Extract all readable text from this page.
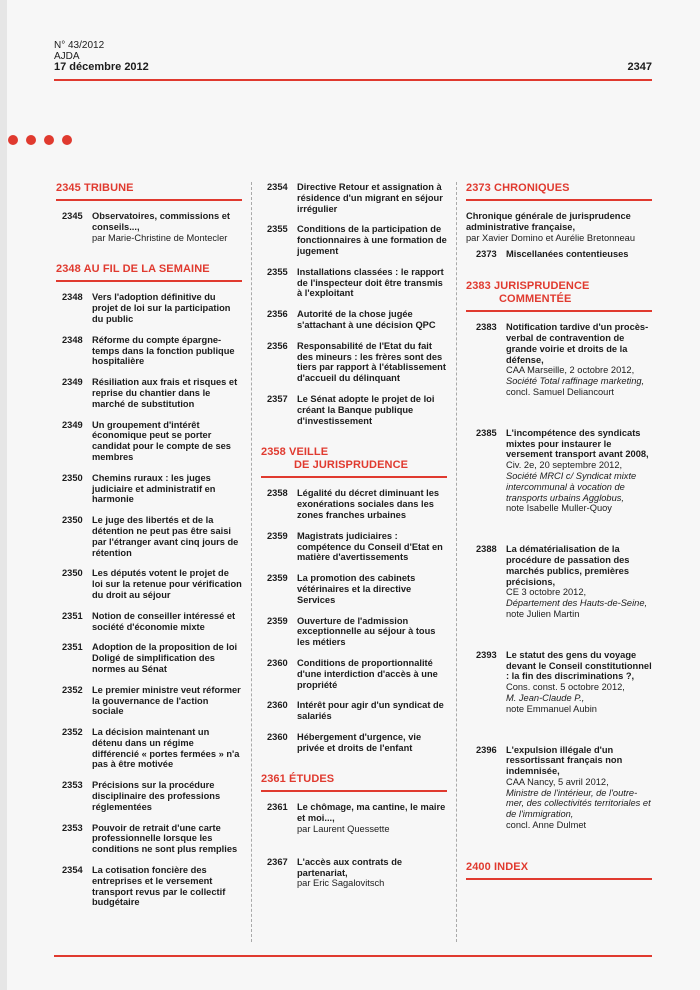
N° 43/2012
AJDA
17 décembre 2012	2347
2345 TRIBUNE
2345	Observatoires, commissions et conseils...,
par Marie-Christine de Montecler
2348 AU FIL DE LA SEMAINE
2348	Vers l'adoption définitive du projet de loi sur la participation du public
2348	Réforme du compte épargne-temps dans la fonction publique hospitalière
2349	Résiliation aux frais et risques et reprise du chantier dans le marché de substitution
2349	Un groupement d'intérêt économique peut se porter candidat pour le compte de ses membres
2350	Chemins ruraux : les juges judiciaire et administratif en harmonie
2350	Le juge des libertés et de la détention ne peut pas être saisi par l'étranger avant cinq jours de rétention
2350	Les députés votent le projet de loi sur la retenue pour vérification du droit au séjour
2351	Notion de conseiller intéressé et société d'économie mixte
2351	Adoption de la proposition de loi Doligé de simplification des normes au Sénat
2352	Le premier ministre veut réformer la gouvernance de l'action sociale
2352	La décision maintenant un détenu dans un régime différencié « portes fermées » n'a pas à être motivée
2353	Précisions sur la procédure disciplinaire des professions réglementées
2353	Pouvoir de retrait d'une carte professionnelle lorsque les conditions ne sont plus remplies
2354	La cotisation foncière des entreprises et le versement transport revus par le collectif budgétaire
2354	Directive Retour et assignation à résidence d'un migrant en séjour irrégulier
2355	Conditions de la participation de fonctionnaires à une formation de jugement
2355	Installations classées : le rapport de l'inspecteur doit être transmis à l'exploitant
2356	Autorité de la chose jugée s'attachant à une décision QPC
2356	Responsabilité de l'Etat du fait des mineurs : les frères sont des tiers par rapport à l'établissement d'accueil du délinquant
2357	Le Sénat adopte le projet de loi créant la Banque publique d'investissement
2358 VEILLE
DE JURISPRUDENCE
2358	Légalité du décret diminuant les exonérations sociales dans les zones franches urbaines
2359	Magistrats judiciaires : compétence du Conseil d'Etat en matière d'avertissements
2359	La promotion des cabinets vétérinaires et la directive Services
2359	Ouverture de l'admission exceptionnelle au séjour à tous les métiers
2360	Conditions de proportionnalité d'une interdiction d'accès à une propriété
2360	Intérêt pour agir d'un syndicat de salariés
2360	Hébergement d'urgence, vie privée et droits de l'enfant
2361 ÉTUDES
2361	Le chômage, ma cantine, le maire et moi...,
par Laurent Quessette
2367	L'accès aux contrats de partenariat,
par Eric Sagalovitsch
2373 CHRONIQUES
Chronique générale de jurisprudence administrative française,
par Xavier Domino et Aurélie Bretonneau
2373	Miscellanées contentieuses
2383 JURISPRUDENCE
COMMENTÉE
2383	Notification tardive d'un procès-verbal de contravention de grande voirie et droits de la défense,
CAA Marseille, 2 octobre 2012,
Société Total raffinage marketing,
concl. Samuel Deliancourt
2385	L'incompétence des syndicats mixtes pour instaurer le versement transport avant 2008,
Civ. 2e, 20 septembre 2012,
Société MRCI c/ Syndicat mixte intercommunal à vocation de transports urbains Agglobus,
note Isabelle Muller-Quoy
2388	La dématérialisation de la procédure de passation des marchés publics, premières précisions,
CE 3 octobre 2012,
Département des Hauts-de-Seine,
note Julien Martin
2393	Le statut des gens du voyage devant le Conseil constitutionnel : la fin des discriminations ?,
Cons. const. 5 octobre 2012,
M. Jean-Claude P.,
note Emmanuel Aubin
2396	L'expulsion illégale d'un ressortissant français non indemnisée,
CAA Nancy, 5 avril 2012,
Ministre de l'intérieur, de l'outre-mer, des collectivités territoriales et de l'immigration,
concl. Anne Dulmet
2400 INDEX
